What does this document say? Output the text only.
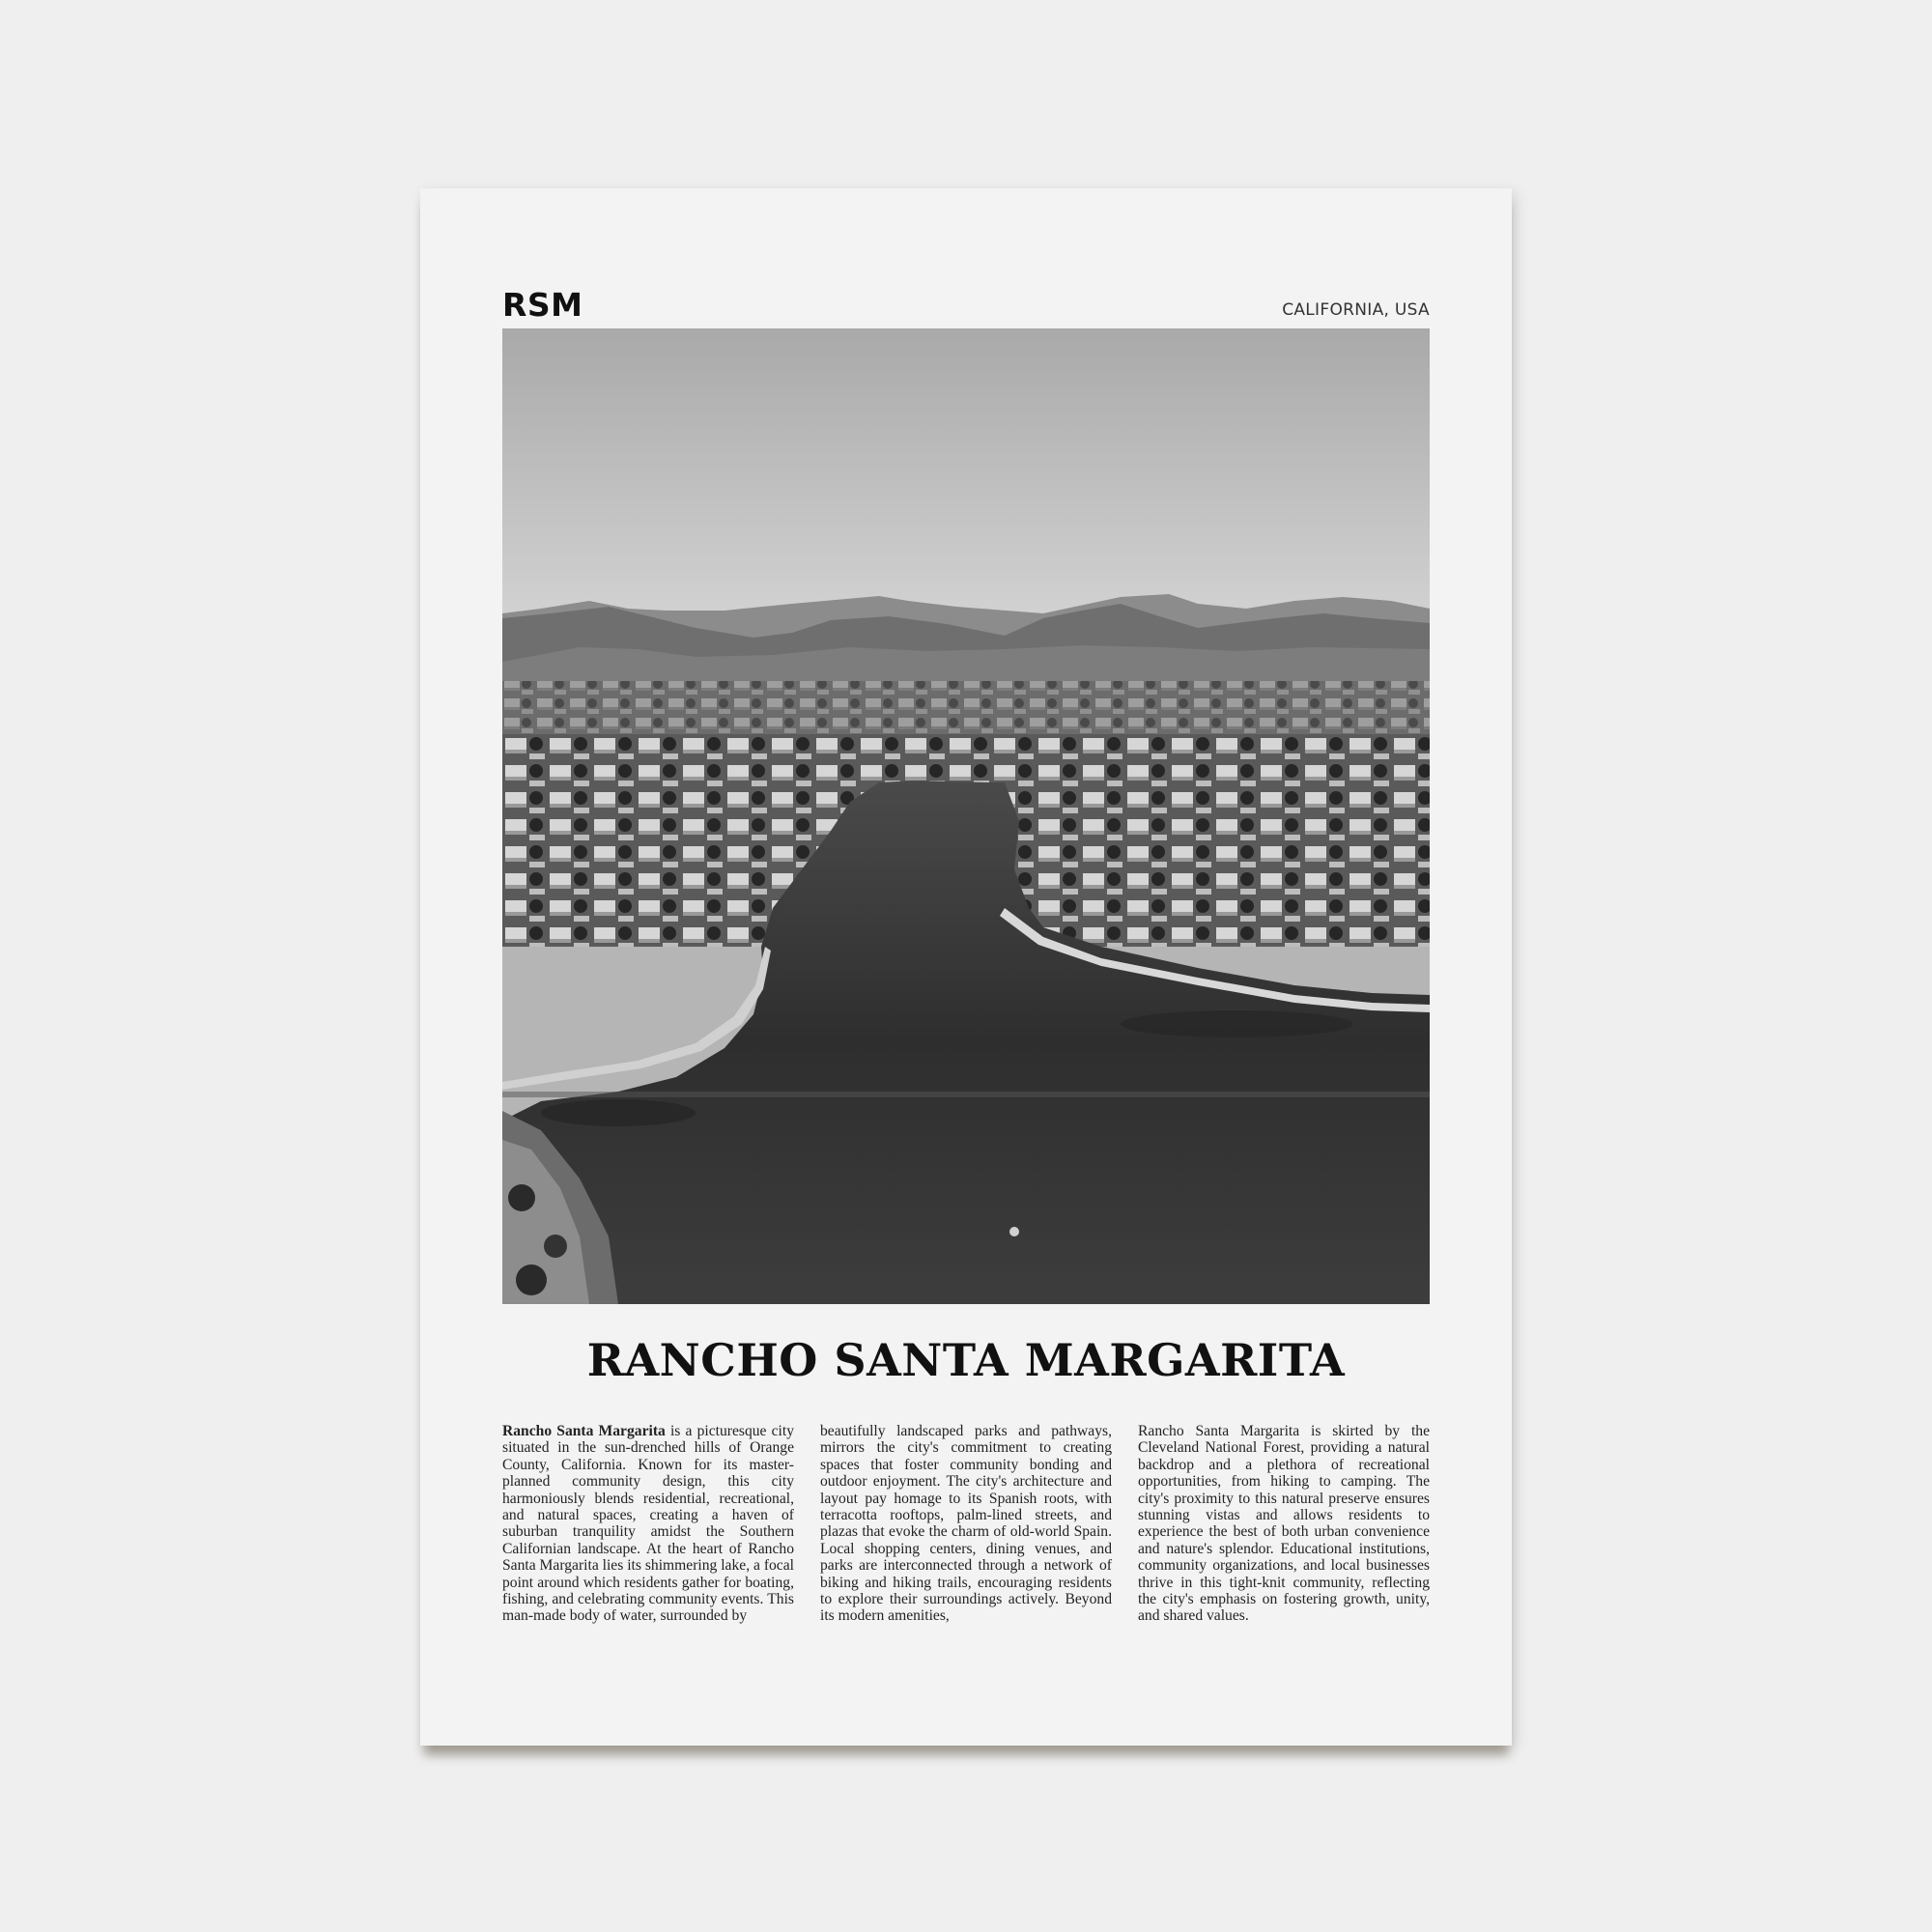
RSM	CALIFORNIA, USA
RANCHO SANTA MARGARITA

Rancho Santa Margarita is a picturesque city situated in the sun-drenched hills of Orange County, California. Known for its master-planned community design, this city harmoniously blends residential, recreational, and natural spaces, creating a haven of suburban tranquility amidst the Southern Californian landscape. At the heart of Rancho Santa Margarita lies its shimmering lake, a focal point around which residents gather for boating, fishing, and celebrating community events. This man-made body of water, surrounded by

beautifully landscaped parks and pathways, mirrors the city's commitment to creating spaces that foster community bonding and outdoor enjoyment. The city's architecture and layout pay homage to its Spanish roots, with terracotta rooftops, palm-lined streets, and plazas that evoke the charm of old-world Spain. Local shopping centers, dining venues, and parks are interconnected through a network of biking and hiking trails, encouraging residents to explore their surroundings actively. Beyond its modern amenities,

Rancho Santa Margarita is skirted by the Cleveland National Forest, providing a natural backdrop and a plethora of recreational opportunities, from hiking to camping. The city's proximity to this natural preserve ensures stunning vistas and allows residents to experience the best of both urban convenience and nature's splendor. Educational institutions, community organizations, and local businesses thrive in this tight-knit community, reflecting the city's emphasis on fostering growth, unity, and shared values.
